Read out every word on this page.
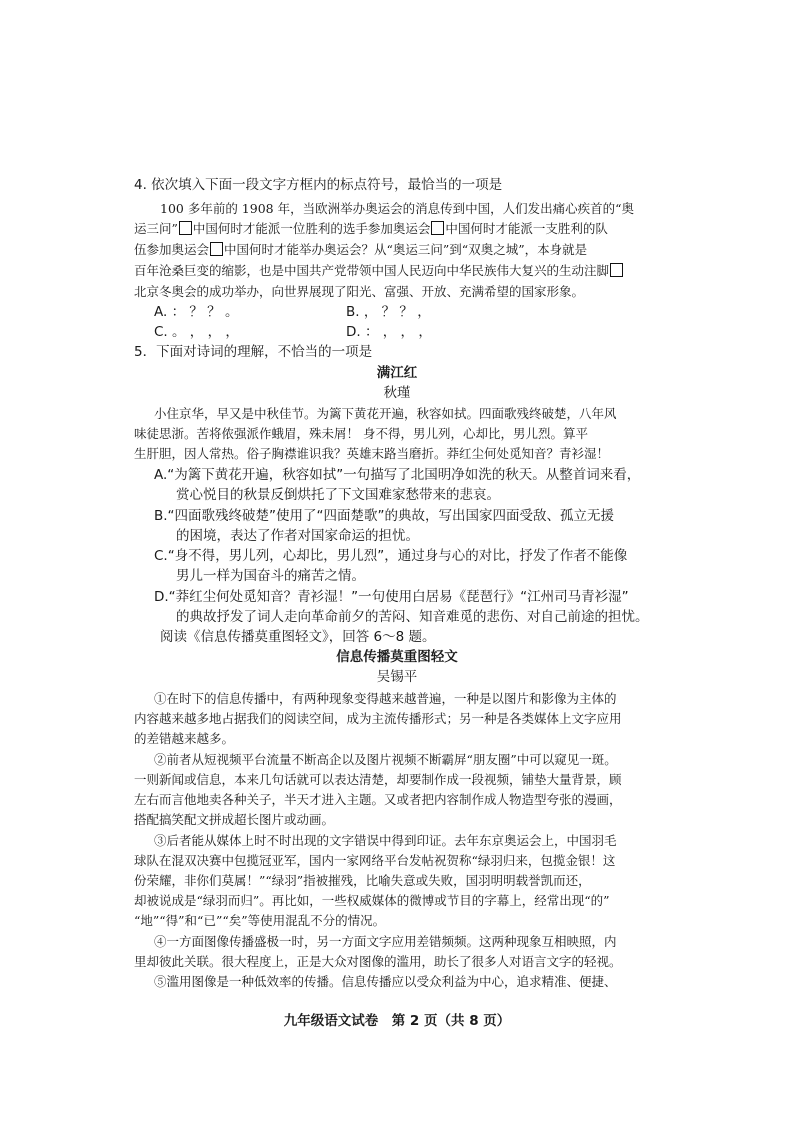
4. 依次填入下面一段文字方框内的标点符号，最恰当的一项是
100 多年前的 1908 年，当欧洲举办奥运会的消息传到中国，人们发出痛心疾首的“奥
运三问” 中国何时才能派一位胜利的选手参加奥运会 中国何时才能派一支胜利的队
伍参加奥运会 中国何时才能举办奥运会？从“奥运三问”到“双奥之城”，本身就是
百年沧桑巨变的缩影，也是中国共产党带领中国人民迈向中华民族伟大复兴的生动注脚
北京冬奥会的成功举办，向世界展现了阳光、富强、开放、充满希望的国家形象。
A. ： ？ ？ 。	B. ， ？ ？ ，
C. 。 ， ， ，	D. ： ， ， ，
5．下面对诗词的理解，不恰当的一项是
满江红
秋瑾
小住京华，早又是中秋佳节。为篱下黄花开遍，秋容如拭。四面歌残终破楚，八年风
味徒思浙。苦将侬强派作蛾眉，殊未屑！ 身不得，男儿列，心却比，男儿烈。算平
生肝胆，因人常热。俗子胸襟谁识我？英雄末路当磨折。莽红尘何处觅知音？青衫湿！
A.“为篱下黄花开遍，秋容如拭”一句描写了北国明净如洗的秋天。从整首词来看，
赏心悦目的秋景反倒烘托了下文国难家愁带来的悲哀。
B.“四面歌残终破楚”使用了“四面楚歌”的典故，写出国家四面受敌、孤立无援
的困境，表达了作者对国家命运的担忧。
C.“身不得，男儿列，心却比，男儿烈”，通过身与心的对比，抒发了作者不能像
男儿一样为国奋斗的痛苦之情。
D.“莽红尘何处觅知音？青衫湿！”一句使用白居易《琵琶行》“江州司马青衫湿”
的典故抒发了词人走向革命前夕的苦闷、知音难觅的悲伤、对自己前途的担忧。
阅读《信息传播莫重图轻文》，回答 6～8 题。
信息传播莫重图轻文
吴锡平
①在时下的信息传播中，有两种现象变得越来越普遍，一种是以图片和影像为主体的
内容越来越多地占据我们的阅读空间，成为主流传播形式；另一种是各类媒体上文字应用
的差错越来越多。
②前者从短视频平台流量不断高企以及图片视频不断霸屏“朋友圈”中可以窥见一斑。
一则新闻或信息，本来几句话就可以表达清楚，却要制作成一段视频，铺垫大量背景，顾
左右而言他地卖各种关子，半天才进入主题。又或者把内容制作成人物造型夸张的漫画，
搭配搞笑配文拼成超长图片或动画。
③后者能从媒体上时不时出现的文字错误中得到印证。去年东京奥运会上，中国羽毛
球队在混双决赛中包揽冠亚军，国内一家网络平台发帖祝贺称“绿羽归来，包揽金银！这
份荣耀，非你们莫属！”“绿羽”指被摧残，比喻失意或失败，国羽明明载誉凯而还，
却被说成是“绿羽而归”。再比如，一些权威媒体的微博或节目的字幕上，经常出现“的”
“地”“得”和“已”“矣”等使用混乱不分的情况。
④一方面图像传播盛极一时，另一方面文字应用差错频频。这两种现象互相映照，内
里却彼此关联。很大程度上，正是大众对图像的滥用，助长了很多人对语言文字的轻视。
⑤滥用图像是一种低效率的传播。信息传播应以受众利益为中心，追求精准、便捷、
九年级语文试卷　第 2 页（共 8 页）
